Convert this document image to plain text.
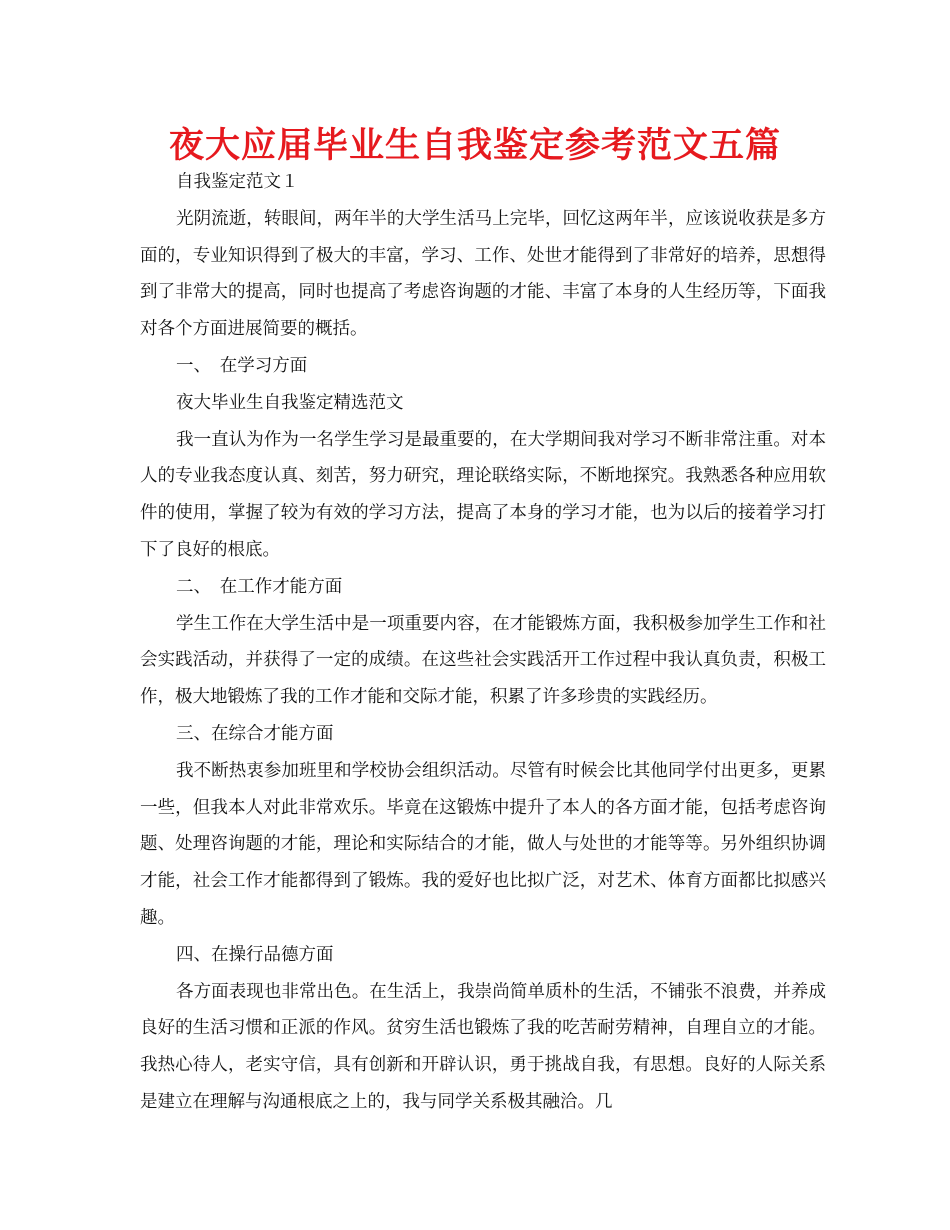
夜大应届毕业生自我鉴定参考范文五篇

自我鉴定范文１

光阴流逝，转眼间，两年半的大学生活马上完毕，回忆这两年半，应该说收获是多方面的，专业知识得到了极大的丰富，学习、工作、处世才能得到了非常好的培养，思想得到了非常大的提高，同时也提高了考虑咨询题的才能、丰富了本身的人生经历等，下面我对各个方面进展简要的概括。

一、　在学习方面

夜大毕业生自我鉴定精选范文

我一直认为作为一名学生学习是最重要的，在大学期间我对学习不断非常注重。对本人的专业我态度认真、刻苦，努力研究，理论联络实际，不断地探究。我熟悉各种应用软件的使用，掌握了较为有效的学习方法，提高了本身的学习才能，也为以后的接着学习打下了良好的根底。

二、　在工作才能方面

学生工作在大学生活中是一项重要内容，在才能锻炼方面，我积极参加学生工作和社会实践活动，并获得了一定的成绩。在这些社会实践活开工作过程中我认真负责，积极工作，极大地锻炼了我的工作才能和交际才能，积累了许多珍贵的实践经历。

三、在综合才能方面

我不断热衷参加班里和学校协会组织活动。尽管有时候会比其他同学付出更多，更累一些，但我本人对此非常欢乐。毕竟在这锻炼中提升了本人的各方面才能，包括考虑咨询题、处理咨询题的才能，理论和实际结合的才能，做人与处世的才能等等。另外组织协调才能，社会工作才能都得到了锻炼。我的爱好也比拟广泛，对艺术、体育方面都比拟感兴趣。

四、在操行品德方面

各方面表现也非常出色。在生活上，我崇尚简单质朴的生活，不铺张不浪费，并养成良好的生活习惯和正派的作风。贫穷生活也锻炼了我的吃苦耐劳精神，自理自立的才能。我热心待人，老实守信，具有创新和开辟认识，勇于挑战自我，有思想。良好的人际关系是建立在理解与沟通根底之上的，我与同学关系极其融洽。几
